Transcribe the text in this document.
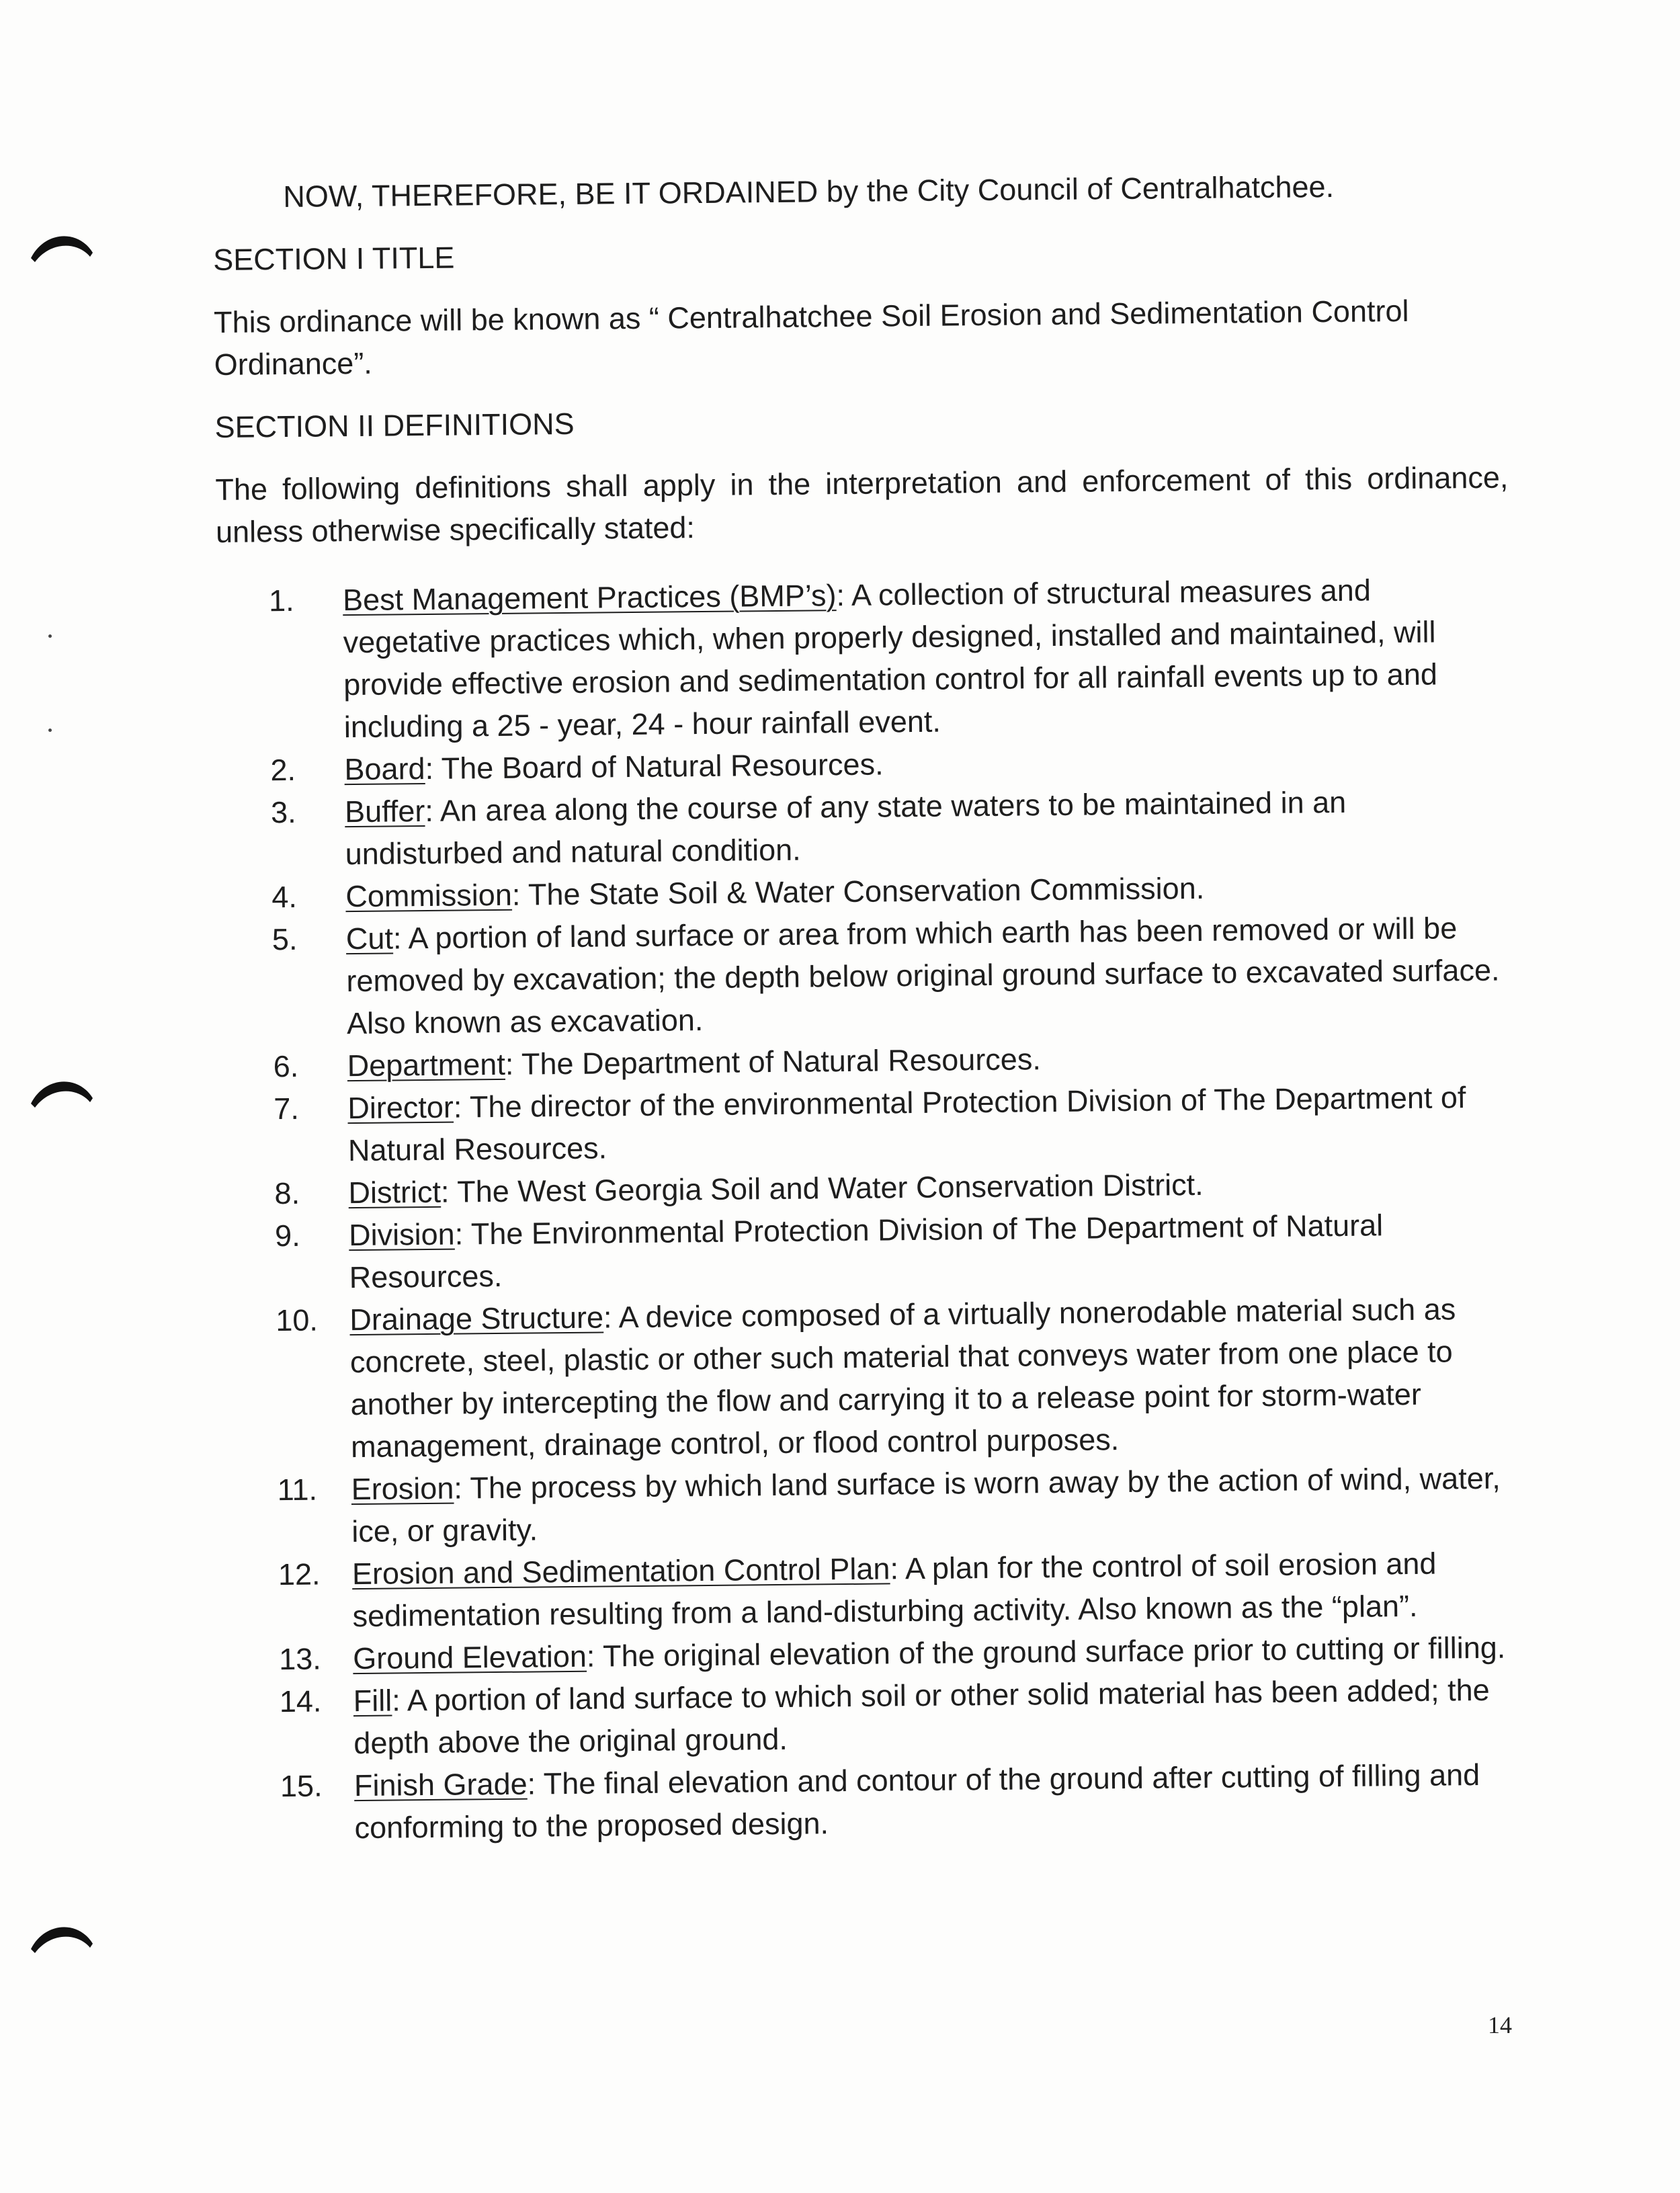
NOW, THEREFORE, BE IT ORDAINED by the City Council of Centralhatchee.

SECTION I TITLE

This ordinance will be known as “ Centralhatchee Soil Erosion and Sedimentation Control Ordinance”.

SECTION II DEFINITIONS

The following definitions shall apply in the interpretation and enforcement of this ordinance, unless otherwise specifically stated:

1.	Best Management Practices (BMP’s): A collection of structural measures and vegetative practices which, when properly designed, installed and maintained, will provide effective erosion and sedimentation control for all rainfall events up to and including a 25 - year, 24 - hour rainfall event.
2.	Board: The Board of Natural Resources.
3.	Buffer: An area along the course of any state waters to be maintained in an undisturbed and natural condition.
4.	Commission: The State Soil & Water Conservation Commission.
5.	Cut: A portion of land surface or area from which earth has been removed or will be removed by excavation; the depth below original ground surface to excavated surface. Also known as excavation.
6.	Department: The Department of Natural Resources.
7.	Director: The director of the environmental Protection Division of The Department of Natural Resources.
8.	District: The West Georgia Soil and Water Conservation District.
9.	Division: The Environmental Protection Division of The Department of Natural Resources.
10.	Drainage Structure: A device composed of a virtually nonerodable material such as concrete, steel, plastic or other such material that conveys water from one place to another by intercepting the flow and carrying it to a release point for storm-water management, drainage control, or flood control purposes.
11.	Erosion: The process by which land surface is worn away by the action of wind, water, ice, or gravity.
12.	Erosion and Sedimentation Control Plan: A plan for the control of soil erosion and sedimentation resulting from a land-disturbing activity. Also known as the “plan”.
13.	Ground Elevation: The original elevation of the ground surface prior to cutting or filling.
14.	Fill: A portion of land surface to which soil or other solid material has been added; the depth above the original ground.
15.	Finish Grade: The final elevation and contour of the ground after cutting of filling and conforming to the proposed design.
14
